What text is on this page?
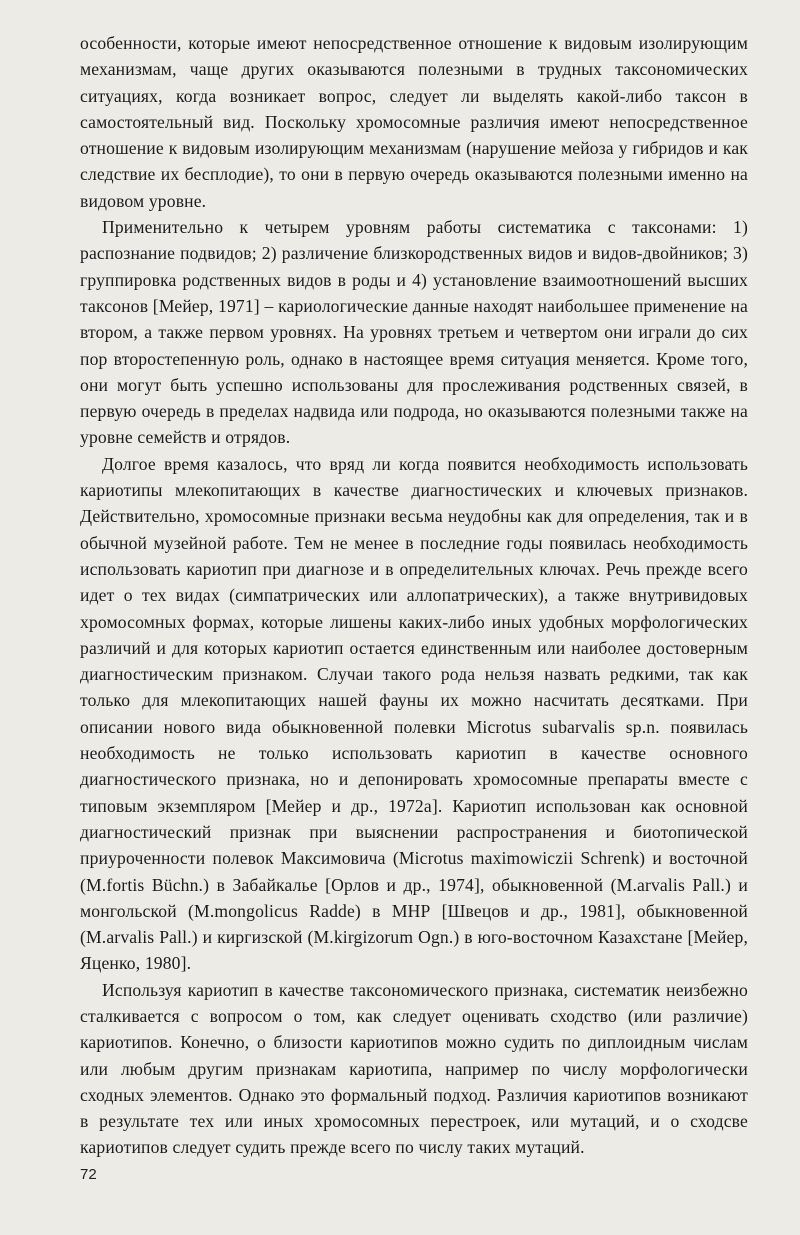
особенности, которые имеют непосредственное отношение к видовым изолирующим механизмам, чаще других оказываются полезными в трудных таксономических ситуациях, когда возникает вопрос, следует ли выделять какой-либо таксон в самостоятельный вид. Поскольку хромосомные различия имеют непосредственное отношение к видовым изолирующим механизмам (нарушение мейоза у гибридов и как следствие их бесплодие), то они в первую очередь оказываются полезными именно на видовом уровне.

Применительно к четырем уровням работы систематика с таксонами: 1) распознание подвидов; 2) различение близкородственных видов и видов-двойников; 3) группировка родственных видов в роды и 4) установление взаимоотношений высших таксонов [Мейер, 1971] – кариологические данные находят наибольшее применение на втором, а также первом уровнях. На уровнях третьем и четвертом они играли до сих пор второстепенную роль, однако в настоящее время ситуация меняется. Кроме того, они могут быть успешно использованы для прослеживания родственных связей, в первую очередь в пределах надвида или подрода, но оказываются полезными также на уровне семейств и отрядов.

Долгое время казалось, что вряд ли когда появится необходимость использовать кариотипы млекопитающих в качестве диагностических и ключевых признаков. Действительно, хромосомные признаки весьма неудобны как для определения, так и в обычной музейной работе. Тем не менее в последние годы появилась необходимость использовать кариотип при диагнозе и в определительных ключах. Речь прежде всего идет о тех видах (симпатрических или аллопатрических), а также внутривидовых хромосомных формах, которые лишены каких-либо иных удобных морфологических различий и для которых кариотип остается единственным или наиболее достоверным диагностическим признаком. Случаи такого рода нельзя назвать редкими, так как только для млекопитающих нашей фауны их можно насчитать десятками. При описании нового вида обыкновенной полевки Microtus subarvalis sp.n. появилась необходимость не только использовать кариотип в качестве основного диагностического признака, но и депонировать хромосомные препараты вместе с типовым экземпляром [Мейер и др., 1972а]. Кариотип использован как основной диагностический признак при выяснении распространения и биотопической приуроченности полевок Максимовича (Microtus maximowiczii Schrenk) и восточной (M.fortis Büchn.) в Забайкалье [Орлов и др., 1974], обыкновенной (M.arvalis Pall.) и монгольской (M.mongolicus Radde) в МНР [Швецов и др., 1981], обыкновенной (M.arvalis Pall.) и киргизской (M.kirgizorum Ogn.) в юго-восточном Казахстане [Мейер, Яценко, 1980].

Используя кариотип в качестве таксономического признака, систематик неизбежно сталкивается с вопросом о том, как следует оценивать сходство (или различие) кариотипов. Конечно, о близости кариотипов можно судить по диплоидным числам или любым другим признакам кариотипа, например по числу морфологически сходных элементов. Однако это формальный подход. Различия кариотипов возникают в результате тех или иных хромосомных перестроек, или мутаций, и о сходсве кариотипов следует судить прежде всего по числу таких мутаций.

72
